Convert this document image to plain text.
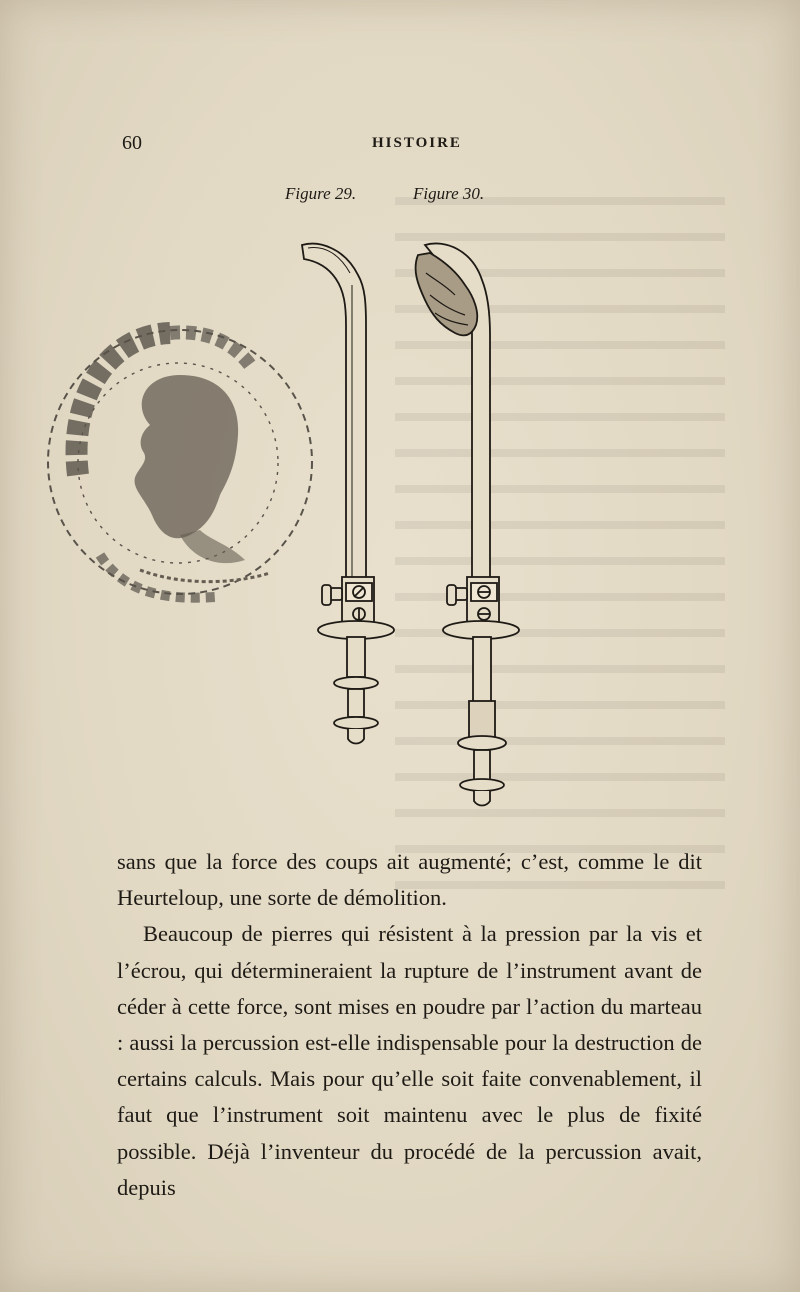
60	HISTOIRE
Figure 29.	Figure 30.

sans que la force des coups ait augmenté; c’est, comme le dit Heurteloup, une sorte de démolition.

Beaucoup de pierres qui résistent à la pression par la vis et l’écrou, qui détermineraient la rupture de l’instrument avant de céder à cette force, sont mises en poudre par l’action du marteau : aussi la percussion est-elle indispensable pour la destruction de certains calculs. Mais pour qu’elle soit faite convenablement, il faut que l’instrument soit maintenu avec le plus de fixité possible. Déjà l’inventeur du procédé de la percussion avait, depuis
